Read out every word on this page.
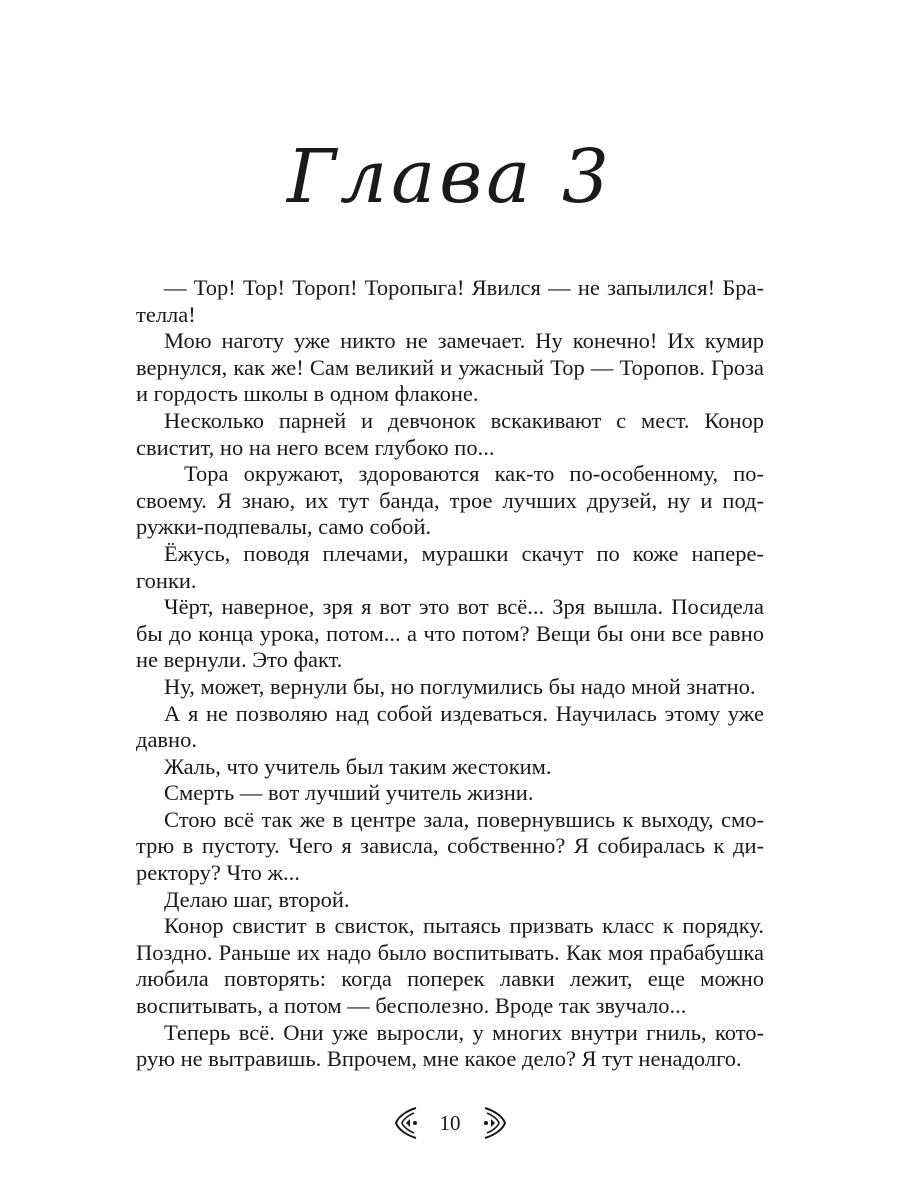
Глава 3

— Тор! Тор! Тороп! Торопыга! Явился — не запылился! Брателла!

Мою наготу уже никто не замечает. Ну конечно! Их кумир вернулся, как же! Сам великий и ужасный Тор — Торопов. Гроза и гордость школы в одном флаконе.

Несколько парней и девчонок вскакивают с мест. Конор свистит, но на него всем глубоко по...

Тора окружают, здороваются как-то по-особенному, по-своему. Я знаю, их тут банда, трое лучших друзей, ну и подружки-подпевалы, само собой.

Ёжусь, поводя плечами, мурашки скачут по коже наперегонки.

Чёрт, наверное, зря я вот это вот всё... Зря вышла. Посидела бы до конца урока, потом... а что потом? Вещи бы они все равно не вернули. Это факт.

Ну, может, вернули бы, но поглумились бы надо мной знатно.

А я не позволяю над собой издеваться. Научилась этому уже давно.

Жаль, что учитель был таким жестоким.

Смерть — вот лучший учитель жизни.

Стою всё так же в центре зала, повернувшись к выходу, смотрю в пустоту. Чего я зависла, собственно? Я собиралась к директору? Что ж...

Делаю шаг, второй.

Конор свистит в свисток, пытаясь призвать класс к порядку. Поздно. Раньше их надо было воспитывать. Как моя прабабушка любила повторять: когда поперек лавки лежит, еще можно воспитывать, а потом — бесполезно. Вроде так звучало...

Теперь всё. Они уже выросли, у многих внутри гниль, которую не вытравишь. Впрочем, мне какое дело? Я тут ненадолго.

10
